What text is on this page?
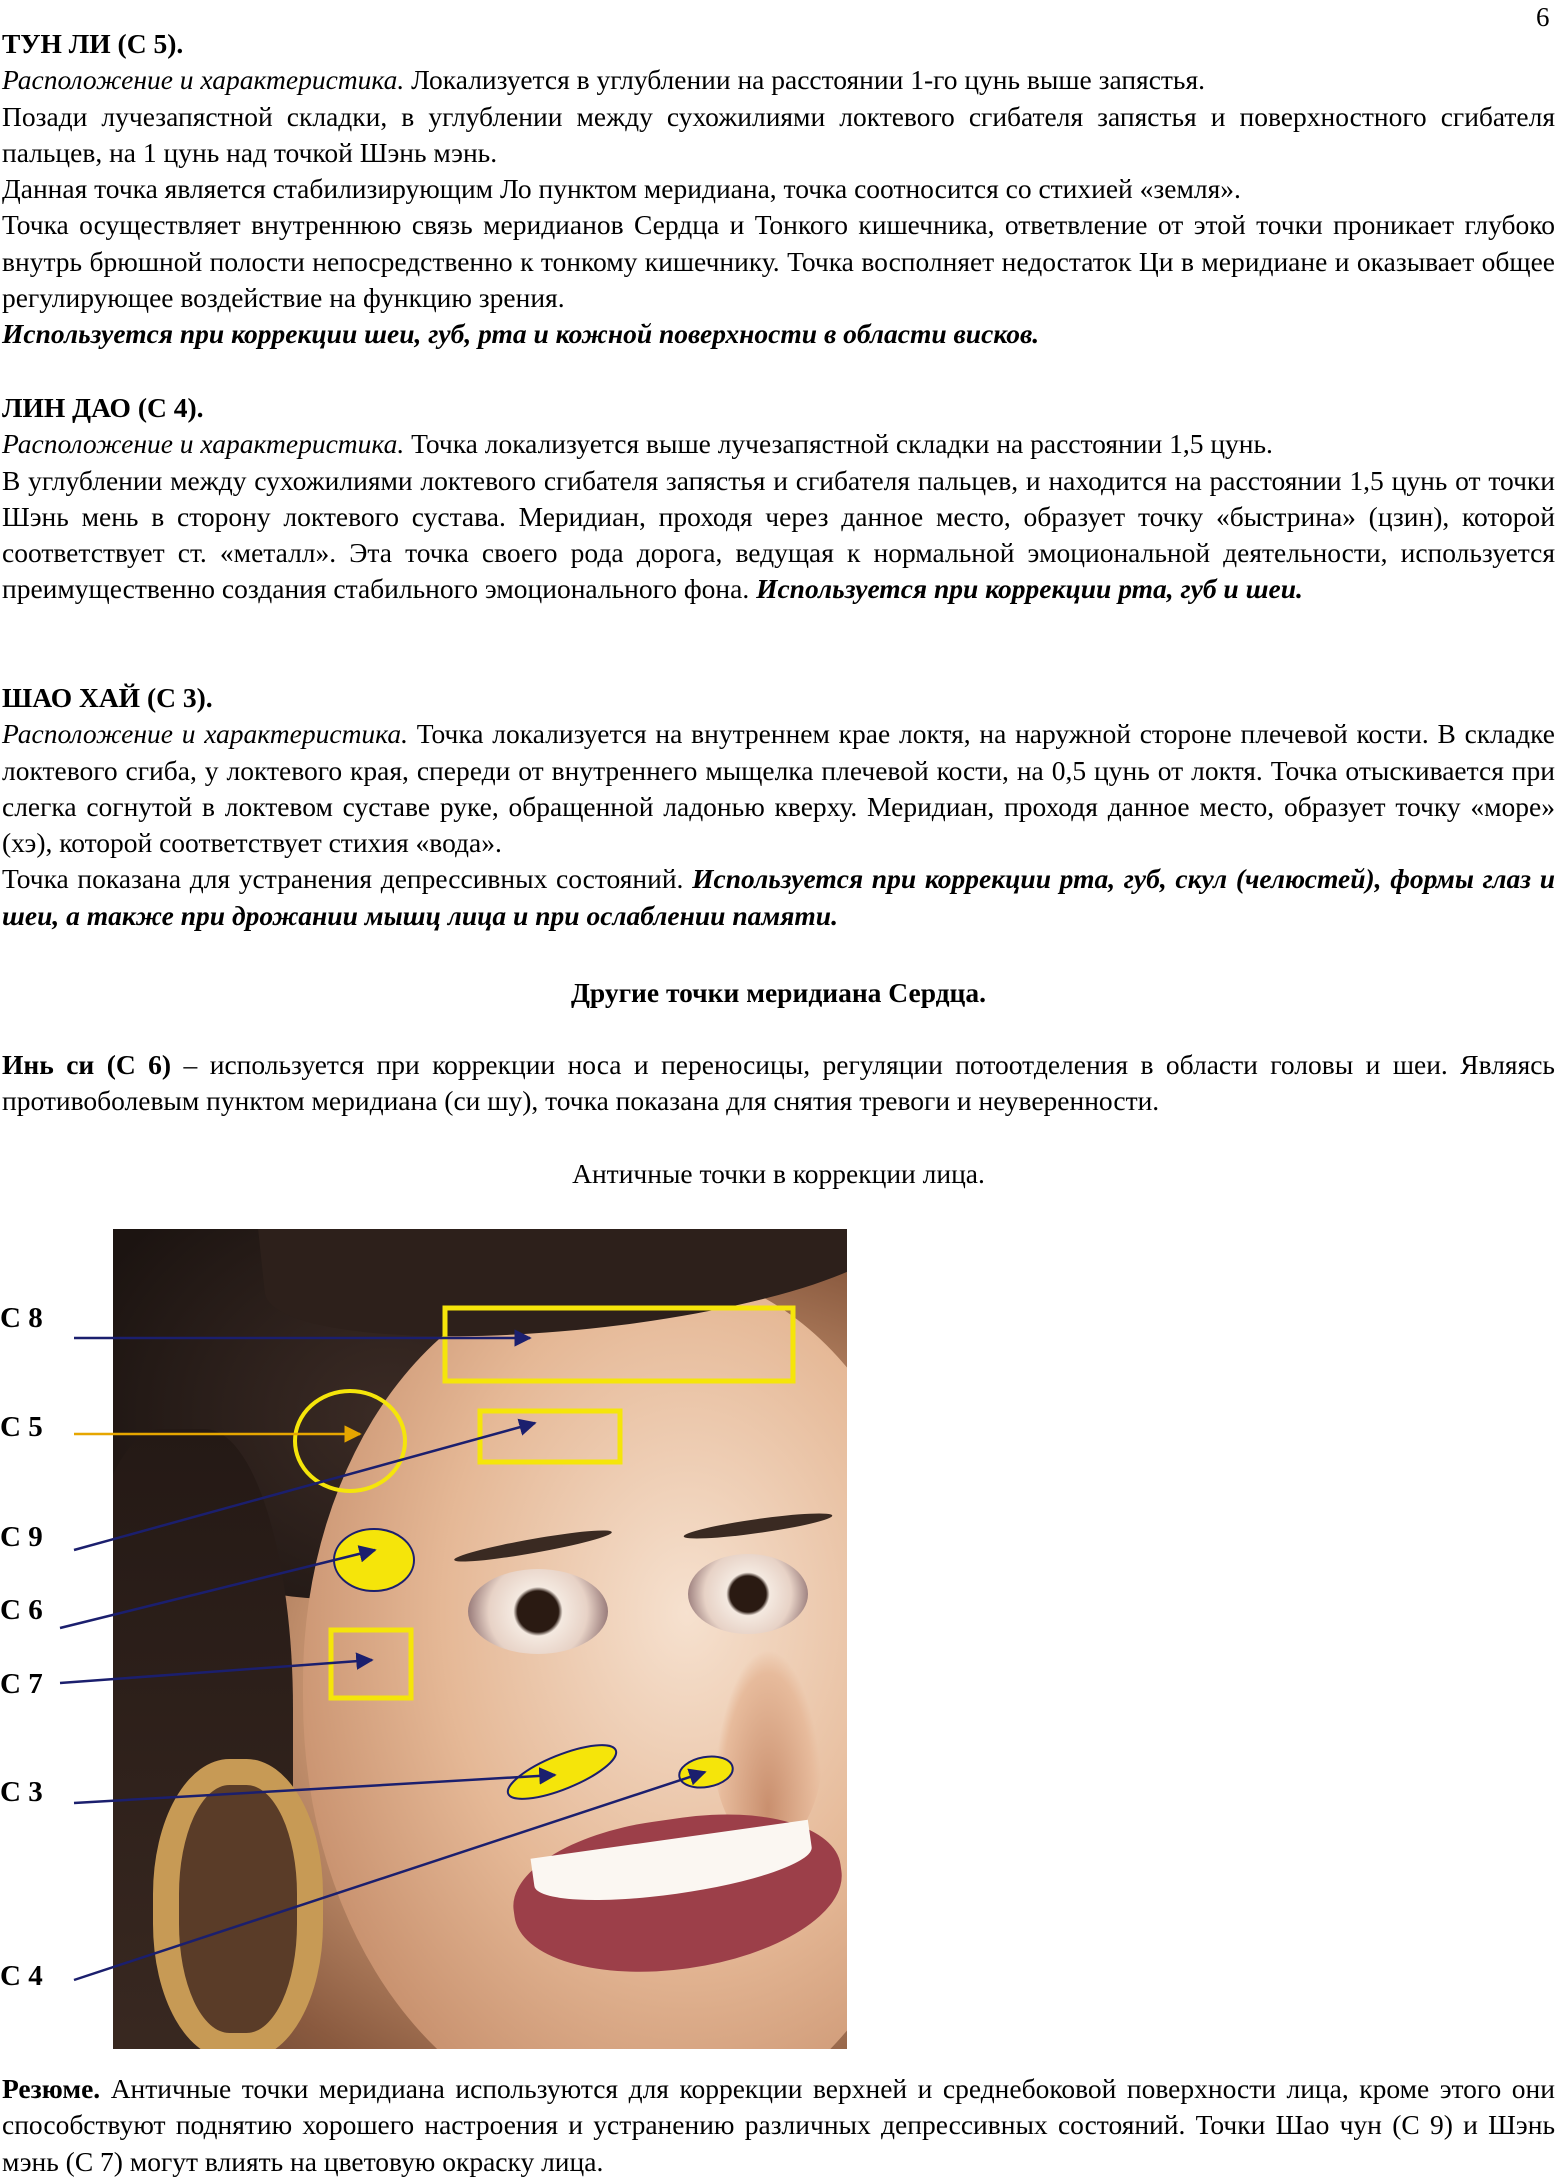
6

ТУН ЛИ (С 5).

Расположение и характеристика. Локализуется в углублении на расстоянии 1-го цунь выше запястья.

Позади лучезапястной складки, в углублении между сухожилиями локтевого сгибателя запястья и поверхностного сгибателя пальцев, на 1 цунь над точкой Шэнь мэнь.

Данная точка является стабилизирующим Ло пунктом меридиана, точка соотносится со стихией «земля».

Точка осуществляет внутреннюю связь меридианов Сердца и Тонкого кишечника, ответвление от этой точки проникает глубоко внутрь брюшной полости непосредственно к тонкому кишечнику. Точка восполняет недостаток Ци в меридиане и оказывает общее регулирующее воздействие на функцию зрения.

Используется при коррекции шеи, губ, рта и кожной поверхности в области висков.

ЛИН ДАО (С 4).

Расположение и характеристика. Точка локализуется выше лучезапястной складки на расстоянии 1,5 цунь.

В углублении между сухожилиями локтевого сгибателя запястья и сгибателя пальцев, и находится на расстоянии 1,5 цунь от точки Шэнь мень в сторону локтевого сустава. Меридиан, проходя через данное место, образует точку «быстрина» (цзин), которой соответствует ст. «металл». Эта точка своего рода дорога, ведущая к нормальной эмоциональной деятельности, используется преимущественно создания стабильного эмоционального фона. Используется при коррекции рта, губ и шеи.

ШАО ХАЙ (С 3).

Расположение и характеристика. Точка локализуется на внутреннем крае локтя, на наружной стороне плечевой кости. В складке локтевого сгиба, у локтевого края, спереди от внутреннего мыщелка плечевой кости, на 0,5 цунь от локтя. Точка отыскивается при слегка согнутой в локтевом суставе руке, обращенной ладонью кверху. Меридиан, проходя данное место, образует точку «море» (хэ), которой соответствует стихия «вода».

Точка показана для устранения депрессивных состояний. Используется при коррекции рта, губ, скул (челюстей), формы глаз и шеи, а также при дрожании мышц лица и при ослаблении памяти.

Другие точки меридиана Сердца.

Инь си (С 6) – используется при коррекции носа и переносицы, регуляции потоотделения в области головы и шеи. Являясь противоболевым пунктом меридиана (си шу), точка показана для снятия тревоги и неуверенности.

Античные точки в коррекции лица.
С 8
С 5
С 9
С 6
С 7
С 3
С 4

Резюме. Античные точки меридиана используются для коррекции верхней и среднебоковой поверхности лица, кроме этого они способствуют поднятию хорошего настроения и устранению различных депрессивных состояний. Точки Шао чун (С 9) и Шэнь мэнь (С 7) могут влиять на цветовую окраску лица.
